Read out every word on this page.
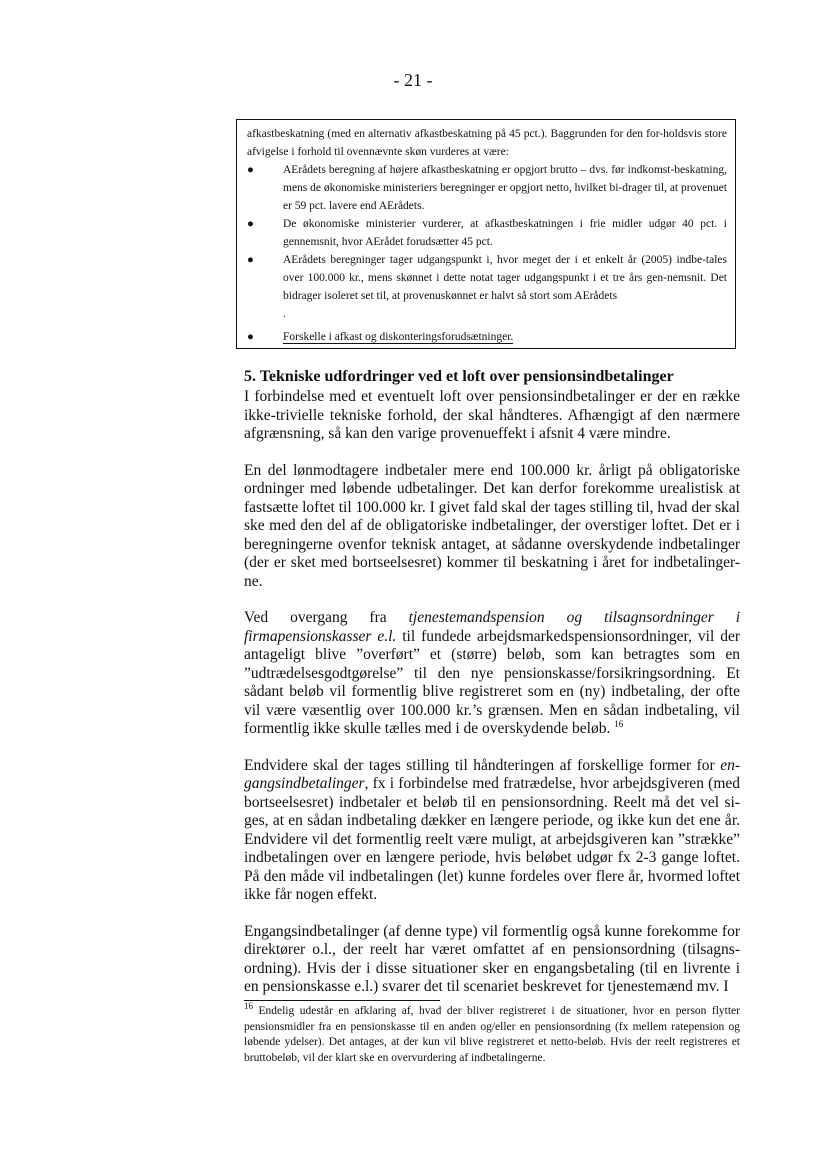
- 21 -

afkastbeskatning (med en alternativ afkastbeskatning på 45 pct.). Baggrunden for den for-holdsvis store afvigelse i forhold til ovennævnte skøn vurderes at være:

●	AErådets beregning af højere afkastbeskatning er opgjort brutto – dvs. før indkomst-beskatning, mens de økonomiske ministeriers beregninger er opgjort netto, hvilket bi-drager til, at provenuet er 59 pct. lavere end AErådets.
●	De økonomiske ministerier vurderer, at afkastbeskatningen i frie midler udgør 40 pct. i gennemsnit, hvor AErådet forudsætter 45 pct.
●	AErådets beregninger tager udgangspunkt i, hvor meget der i et enkelt år (2005) indbe-tales over 100.000 kr., mens skønnet i dette notat tager udgangspunkt i et tre års gen-nemsnit. Det bidrager isoleret set til, at provenuskønnet er halvt så stort som AErådets
.
●	Forskelle i afkast og diskonteringsforudsætninger.
5. Tekniske udfordringer ved et loft over pensionsindbetalinger

I forbindelse med et eventuelt loft over pensionsindbetalinger er der en række ikke-trivielle tekniske forhold, der skal håndteres. Afhængigt af den nærmere afgrænsning, så kan den varige provenueffekt i afsnit 4 være mindre.

En del lønmodtagere indbetaler mere end 100.000 kr. årligt på obligatoriske ordninger med løbende udbetalinger. Det kan derfor forekomme urealistisk at fastsætte loftet til 100.000 kr. I givet fald skal der tages stilling til, hvad der skal ske med den del af de obligatoriske indbetalinger, der overstiger loftet. Det er i beregningerne ovenfor teknisk antaget, at sådanne overskydende indbetalinger (der er sket med bortseelsesret) kommer til beskatning i året for indbetalinger-ne.

Ved overgang fra tjenestemandspension og tilsagnsordninger i firmapensionskasser e.l. til fundede arbejdsmarkedspensionsordninger, vil der antageligt blive ”overført” et (større) beløb, som kan betragtes som en ”udtrædelsesgodtgørelse” til den nye pensionskasse/forsikringsordning. Et sådant beløb vil formentlig blive registreret som en (ny) indbetaling, der ofte vil være væsentlig over 100.000 kr.’s grænsen. Men en sådan indbetaling, vil formentlig ikke skulle tælles med i de overskydende beløb. $^{16}$

Endvidere skal der tages stilling til håndteringen af forskellige former for en-gangsindbetalinger, fx i forbindelse med fratrædelse, hvor arbejdsgiveren (med bortseelsesret) indbetaler et beløb til en pensionsordning. Reelt må det vel si-ges, at en sådan indbetaling dækker en længere periode, og ikke kun det ene år. Endvidere vil det formentlig reelt være muligt, at arbejdsgiveren kan ”strække” indbetalingen over en længere periode, hvis beløbet udgør fx 2-3 gange loftet. På den måde vil indbetalingen (let) kunne fordeles over flere år, hvormed loftet ikke får nogen effekt.

Engangsindbetalinger (af denne type) vil formentlig også kunne forekomme for direktører o.l., der reelt har været omfattet af en pensionsordning (tilsagns-ordning). Hvis der i disse situationer sker en engangsbetaling (til en livrente i en pensionskasse e.l.) svarer det til scenariet beskrevet for tjenestemænd mv. I

$^{16}$ Endelig udestår en afklaring af, hvad der bliver registreret i de situationer, hvor en person flytter pensionsmidler fra en pensionskasse til en anden og/eller en pensionsordning (fx mellem ratepension og løbende ydelser). Det antages, at der kun vil blive registreret et netto-beløb. Hvis der reelt registreres et bruttobeløb, vil der klart ske en overvurdering af indbetalingerne.
